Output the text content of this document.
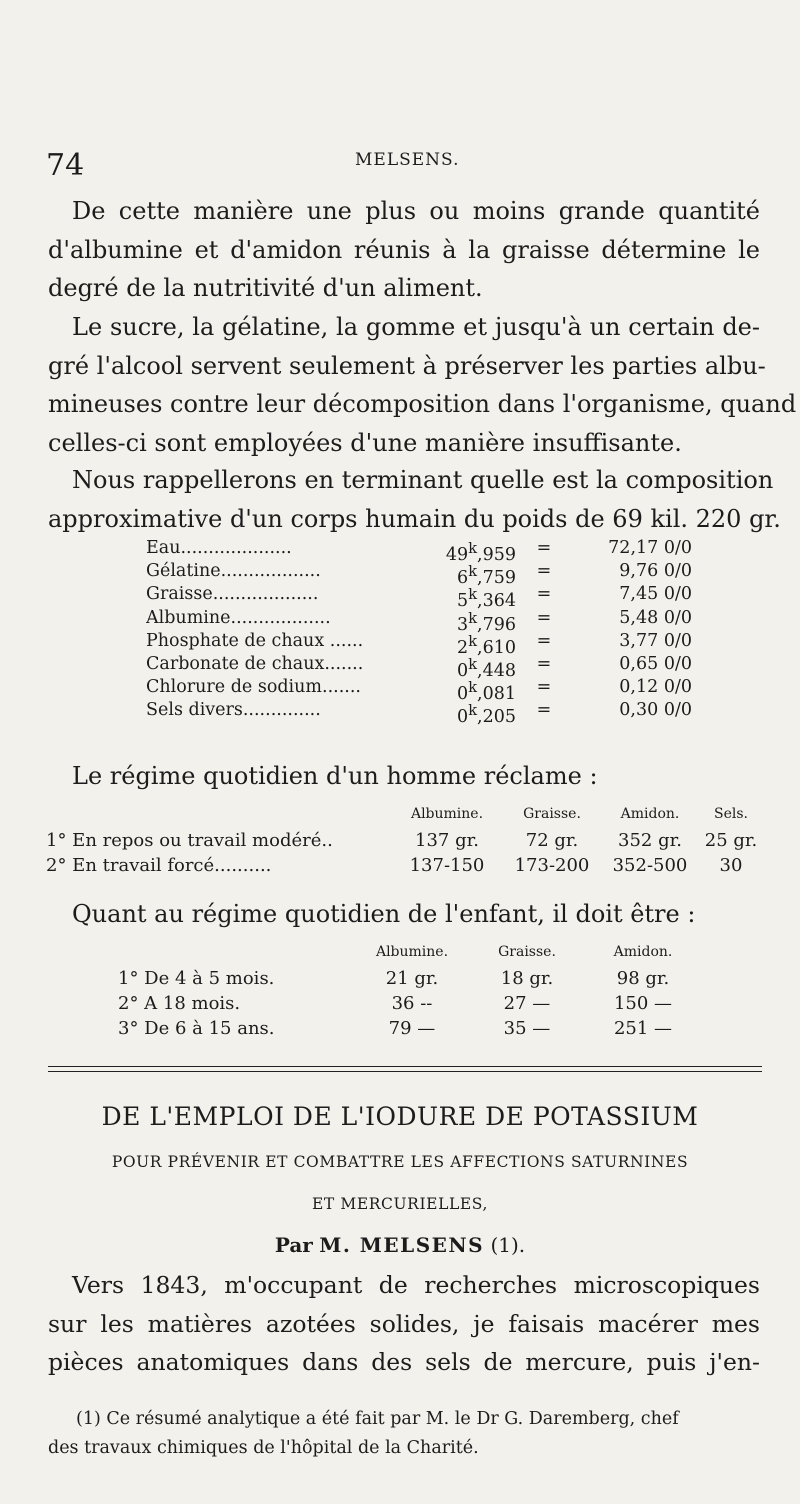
74	MELSENS.
De cette manière une plus ou moins grande quantité
d'albumine et d'amidon réunis à la graisse détermine le
degré de la nutritivité d'un aliment.
Le sucre, la gélatine, la gomme et jusqu'à un certain de-
gré l'alcool servent seulement à préserver les parties albu-
mineuses contre leur décomposition dans l'organisme, quand
celles-ci sont employées d'une manière insuffisante.
Nous rappellerons en terminant quelle est la composition
approximative d'un corps humain du poids de 69 kil. 220 gr.
Eau....................	$49^k,959$	=	72,17 0/0
Gélatine..................	$6^k,759$	=	9,76 0/0
Graisse...................	$5^k,364$	=	7,45 0/0
Albumine..................	$3^k,796$	=	5,48 0/0
Phosphate de chaux ......	$2^k,610$	=	3,77 0/0
Carbonate de chaux.......	$0^k,448$	=	0,65 0/0
Chlorure de sodium.......	$0^k,081$	=	0,12 0/0
Sels divers..............	$0^k,205$	=	0,30 0/0
Le régime quotidien d'un homme réclame :
Albumine.	Graisse.	Amidon.	Sels.
1° En repos ou travail modéré..	137 gr.	72 gr.	352 gr.	25 gr.
2° En travail forcé..........	137-150	173-200	352-500	30
Quant au régime quotidien de l'enfant, il doit être :
Albumine.	Graisse.	Amidon.
1° De 4 à 5 mois.	21 gr.	18 gr.	98 gr.
2° A 18 mois.	36 --	27 —	150 —
3° De 6 à 15 ans.	79 —	35 —	251 —
DE L'EMPLOI DE L'IODURE DE POTASSIUM
POUR PRÉVENIR ET COMBATTRE LES AFFECTIONS SATURNINES
ET MERCURIELLES,
Par M. MELSENS (1).
Vers 1843, m'occupant de recherches microscopiques
sur les matières azotées solides, je faisais macérer mes
pièces anatomiques dans des sels de mercure, puis j'en-
(1) Ce résumé analytique a été fait par M. le Dr G. Daremberg, chef
des travaux chimiques de l'hôpital de la Charité.
